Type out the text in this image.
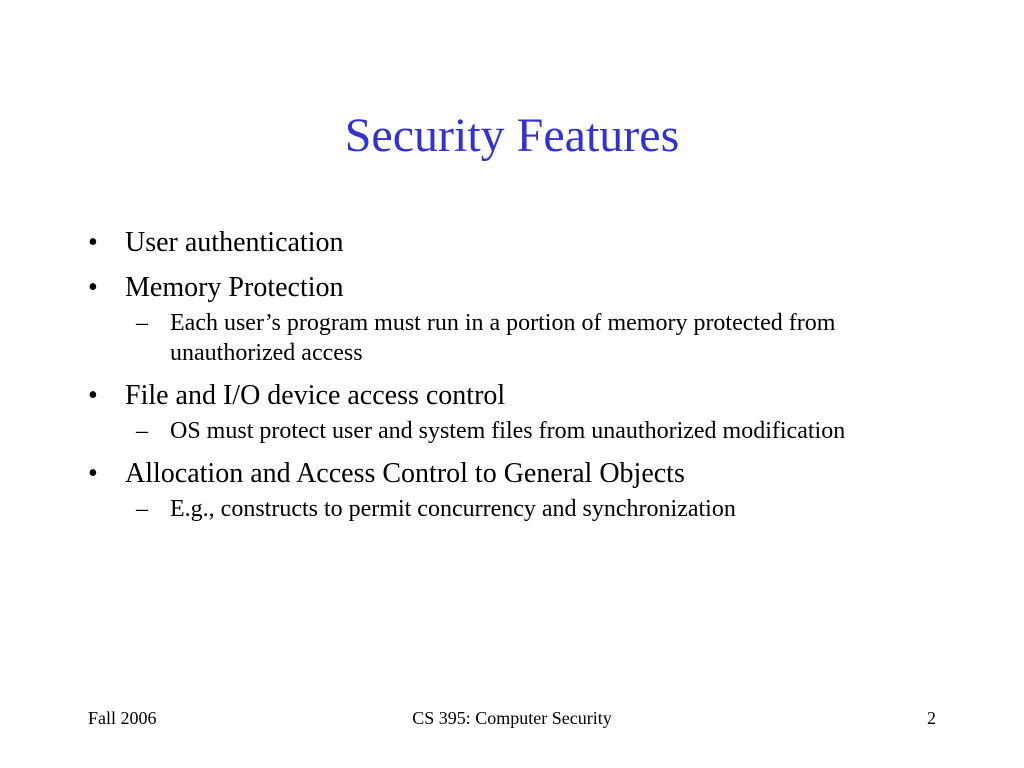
Security Features
• User authentication
• Memory Protection
– Each user’s program must run in a portion of memory protected from unauthorized access
• File and I/O device access control
– OS must protect user and system files from unauthorized modification
• Allocation and Access Control to General Objects
– E.g., constructs to permit concurrency and synchronization
Fall 2006	CS 395: Computer Security	2
